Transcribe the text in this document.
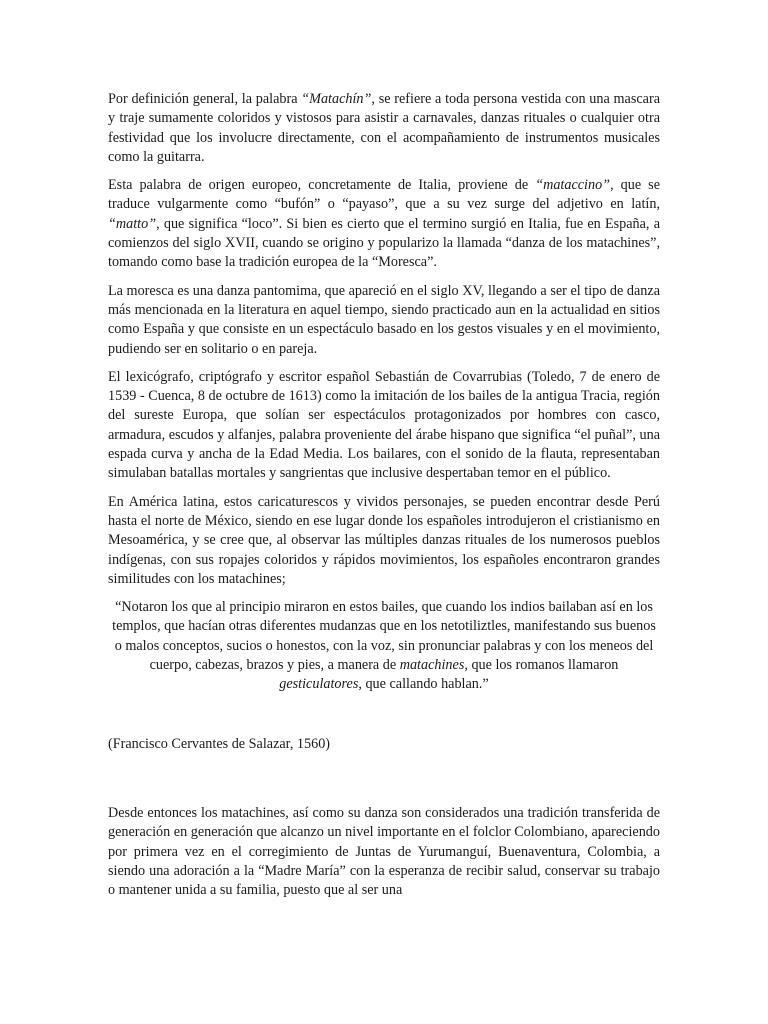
Por definición general, la palabra “Matachín”, se refiere a toda persona vestida con una mascara y traje sumamente coloridos y vistosos para asistir a carnavales, danzas rituales o cualquier otra festividad que los involucre directamente, con el acompañamiento de instrumentos musicales como la guitarra.

Esta palabra de origen europeo, concretamente de Italia, proviene de “mataccino”, que se traduce vulgarmente como “bufón” o “payaso”, que a su vez surge del adjetivo en latín, “matto”, que significa “loco”. Si bien es cierto que el termino surgió en Italia, fue en España, a comienzos del siglo XVII, cuando se origino y popularizo la llamada “danza de los matachines”, tomando como base la tradición europea de la “Moresca”.

La moresca es una danza pantomima, que apareció en el siglo XV, llegando a ser el tipo de danza más mencionada en la literatura en aquel tiempo, siendo practicado aun en la actualidad en sitios como España y que consiste en un espectáculo basado en los gestos visuales y en el movimiento, pudiendo ser en solitario o en pareja.

El lexicógrafo, criptógrafo y escritor español Sebastián de Covarrubias (Toledo, 7 de enero de 1539 - Cuenca, 8 de octubre de 1613) como la imitación de los bailes de la antigua Tracia, región del sureste Europa, que solían ser espectáculos protagonizados por hombres con casco, armadura, escudos y alfanjes, palabra proveniente del árabe hispano que significa “el puñal”, una espada curva y ancha de la Edad Media. Los bailares, con el sonido de la flauta, representaban simulaban batallas mortales y sangrientas que inclusive despertaban temor en el público.

En América latina, estos caricaturescos y vividos personajes, se pueden encontrar desde Perú hasta el norte de México, siendo en ese lugar donde los españoles introdujeron el cristianismo en Mesoamérica, y se cree que, al observar las múltiples danzas rituales de los numerosos pueblos indígenas, con sus ropajes coloridos y rápidos movimientos, los españoles encontraron grandes similitudes con los matachines;

“Notaron los que al principio miraron en estos bailes, que cuando los indios bailaban así en los templos, que hacían otras diferentes mudanzas que en los netotiliztles, manifestando sus buenos o malos conceptos, sucios o honestos, con la voz, sin pronunciar palabras y con los meneos del cuerpo, cabezas, brazos y pies, a manera de matachines, que los romanos llamaron gesticulatores, que callando hablan.”

(Francisco Cervantes de Salazar, 1560)

Desde entonces los matachines, así como su danza son considerados una tradición transferida de generación en generación que alcanzo un nivel importante en el folclor Colombiano, apareciendo por primera vez en el corregimiento de Juntas de Yurumanguí, Buenaventura, Colombia, a siendo una adoración a la “Madre María” con la esperanza de recibir salud, conservar su trabajo o mantener unida a su familia, puesto que al ser una
